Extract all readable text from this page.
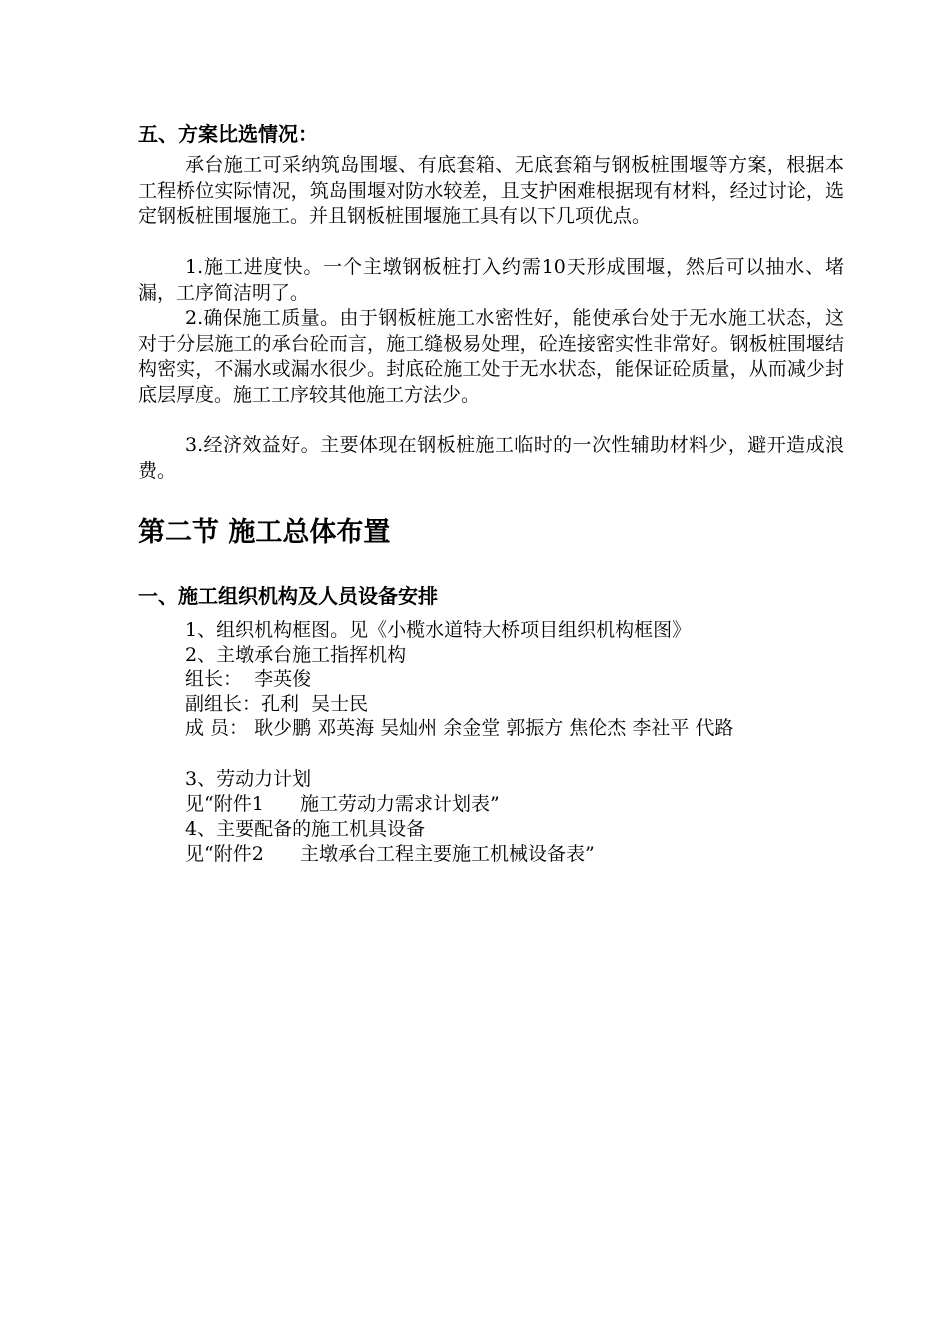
五、方案比选情况：

承台施工可采纳筑岛围堰、有底套箱、无底套箱与钢板桩围堰等方案，根据本工程桥位实际情况，筑岛围堰对防水较差，且支护困难根据现有材料，经过讨论，选定钢板桩围堰施工。并且钢板桩围堰施工具有以下几项优点。

1.施工进度快。一个主墩钢板桩打入约需10天形成围堰，然后可以抽水、堵漏，工序简洁明了。

2.确保施工质量。由于钢板桩施工水密性好，能使承台处于无水施工状态，这对于分层施工的承台砼而言，施工缝极易处理，砼连接密实性非常好。钢板桩围堰结构密实，不漏水或漏水很少。封底砼施工处于无水状态，能保证砼质量，从而减少封底层厚度。施工工序较其他施工方法少。

3.经济效益好。主要体现在钢板桩施工临时的一次性辅助材料少，避开造成浪费。

第二节 施工总体布置
一、施工组织机构及人员设备安排
1、组织机构框图。见《小榄水道特大桥项目组织机构框图》
2、主墩承台施工指挥机构
组长：  李英俊
副组长：孔利  吴士民

成 员： 耿少鹏 邓英海 吴灿州 余金堂 郭振方 焦伦杰 李社平 代路

3、劳动力计划
见“附件1      施工劳动力需求计划表”
4、主要配备的施工机具设备
见“附件2      主墩承台工程主要施工机械设备表”
